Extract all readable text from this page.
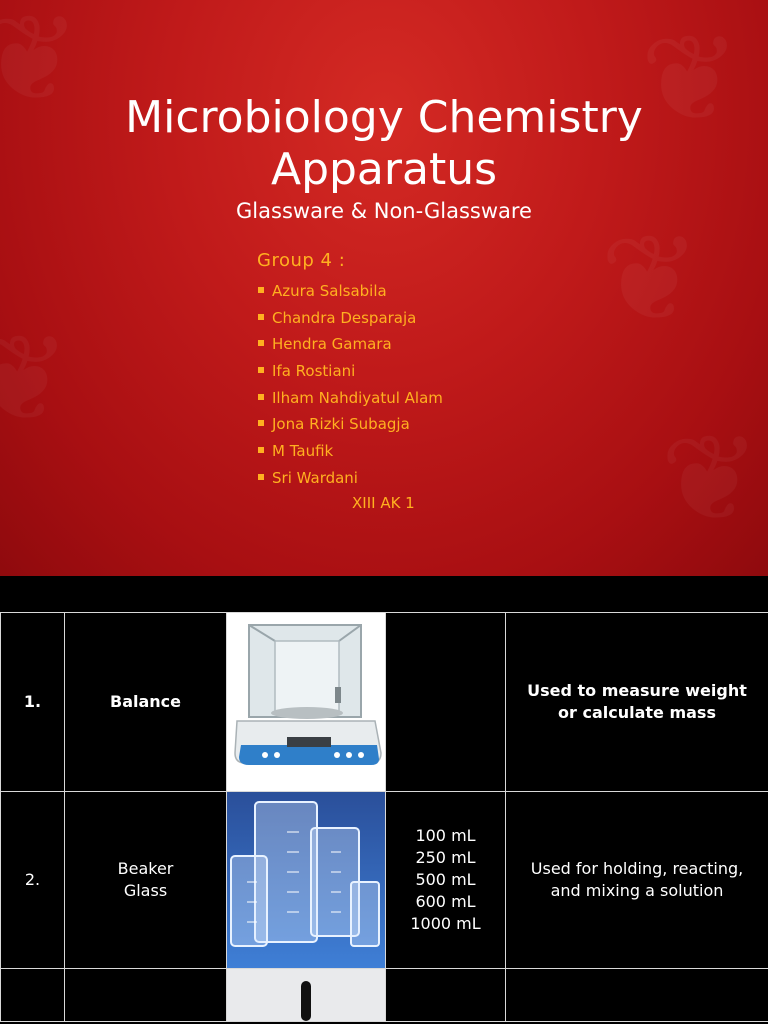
Microbiology Chemistry
Apparatus
Glassware & Non-Glassware
Group 4 :
Azura Salsabila
Chandra Desparaja
Hendra Gamara
Ifa Rostiani
Ilham Nahdiyatul Alam
Jona Rizki Subagja
M Taufik
Sri Wardani
XIII AK 1
1.	Balance			Used to measure weight or calculate mass
2.	Beaker Glass		100 mL
250 mL
500 mL
600 mL
1000 mL	Used for holding, reacting, and mixing a solution
